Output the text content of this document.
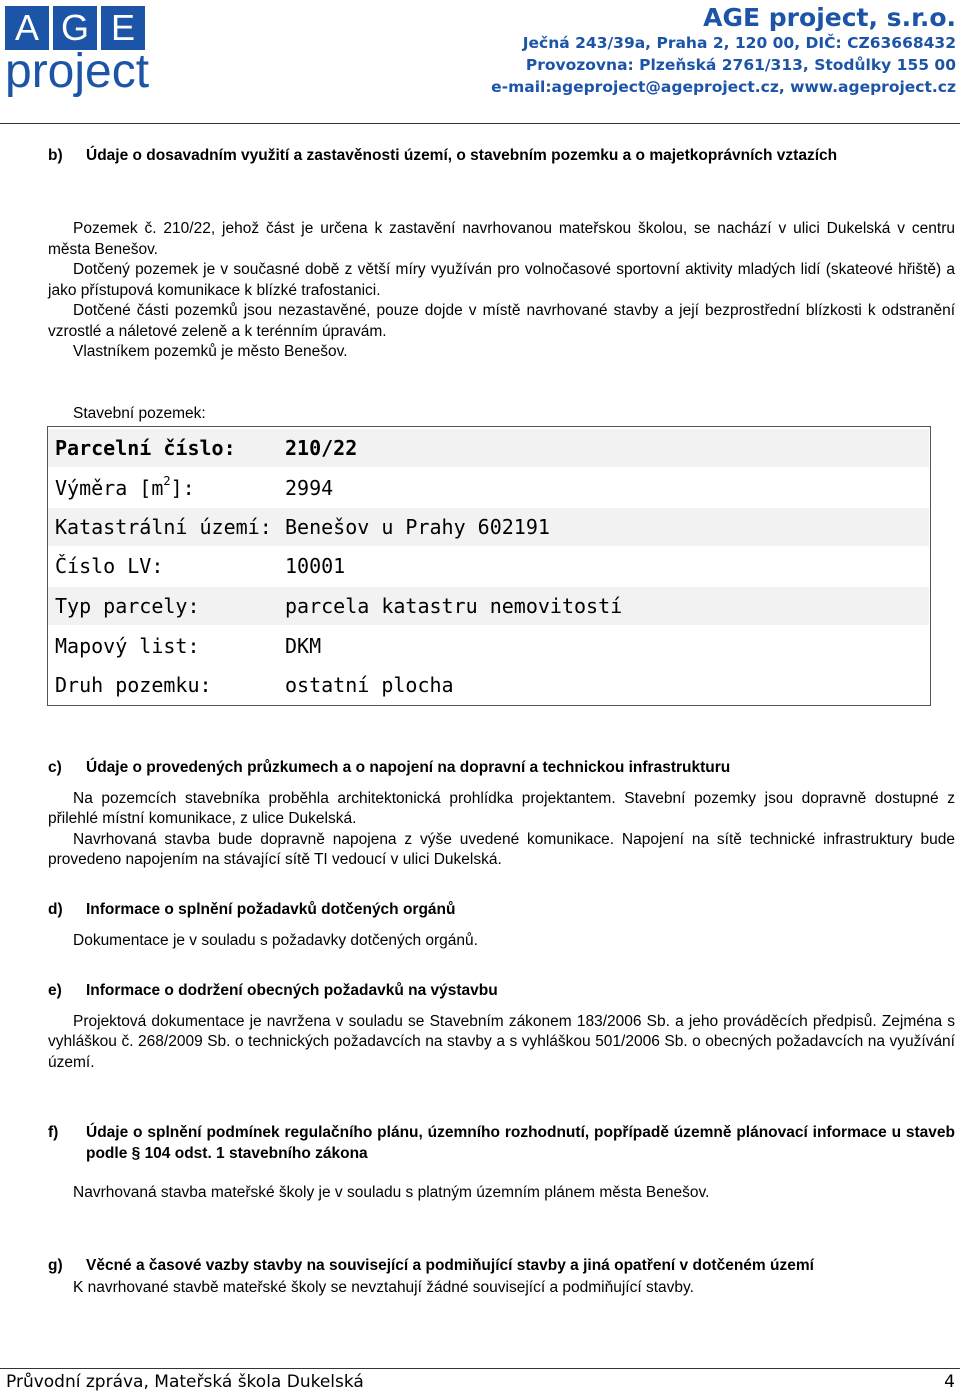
A G E
project
AGE project, s.r.o.
Ječná 243/39a, Praha 2, 120 00, DIČ: CZ63668432
Provozovna: Plzeňská 2761/313, Stodůlky 155 00
e-mail:ageproject@ageproject.cz, www.ageproject.cz
b)	Údaje o dosavadním využití a zastavěnosti území, o stavebním pozemku a o majetkoprávních vztazích

Pozemek č. 210/22, jehož část je určena k zastavění navrhovanou mateřskou školou, se nachází v ulici Dukelská v centru města Benešov.

Dotčený pozemek je v současné době z větší míry využíván pro volnočasové sportovní aktivity mladých lidí (skateové hřiště) a jako přístupová komunikace k blízké trafostanici.

Dotčené části pozemků jsou nezastavěné, pouze dojde v místě navrhované stavby a její bezprostřední blízkosti k odstranění vzrostlé a náletové zeleně a k terénním úpravám.

Vlastníkem pozemků je město Benešov.

Stavební pozemek:
Parcelní číslo: 210/22
Výměra $[m^2]$:	2994
Katastrální území: Benešov u Prahy 602191
Číslo LV:	10001
Typ parcely:	parcela katastru nemovitostí
Mapový list:	DKM
Druh pozemku:	ostatní plocha
c)	Údaje o provedených průzkumech a o napojení na dopravní a technickou infrastrukturu

Na pozemcích stavebníka proběhla architektonická prohlídka projektantem. Stavební pozemky jsou dopravně dostupné z přilehlé místní komunikace, z ulice Dukelská.

Navrhovaná stavba bude dopravně napojena z výše uvedené komunikace. Napojení na sítě technické infrastruktury bude provedeno napojením na stávající sítě TI vedoucí v ulici Dukelská.

d)	Informace o splnění požadavků dotčených orgánů

Dokumentace je v souladu s požadavky dotčených orgánů.

e)	Informace o dodržení obecných požadavků na výstavbu

Projektová dokumentace je navržena v souladu se Stavebním zákonem 183/2006 Sb. a jeho prováděcích předpisů. Zejména s vyhláškou č. 268/2009 Sb. o technických požadavcích na stavby a s vyhláškou 501/2006 Sb. o obecných požadavcích na využívání území.

f)	Údaje o splnění podmínek regulačního plánu, územního rozhodnutí, popřípadě územně plánovací informace u staveb podle § 104 odst. 1 stavebního zákona

Navrhovaná stavba mateřské školy je v souladu s platným územním plánem města Benešov.

g)	Věcné a časové vazby stavby na související a podmiňující stavby a jiná opatření v dotčeném území

K navrhované stavbě mateřské školy se nevztahují žádné související a podmiňující stavby.

Průvodní zpráva, Mateřská škola Dukelská	4
